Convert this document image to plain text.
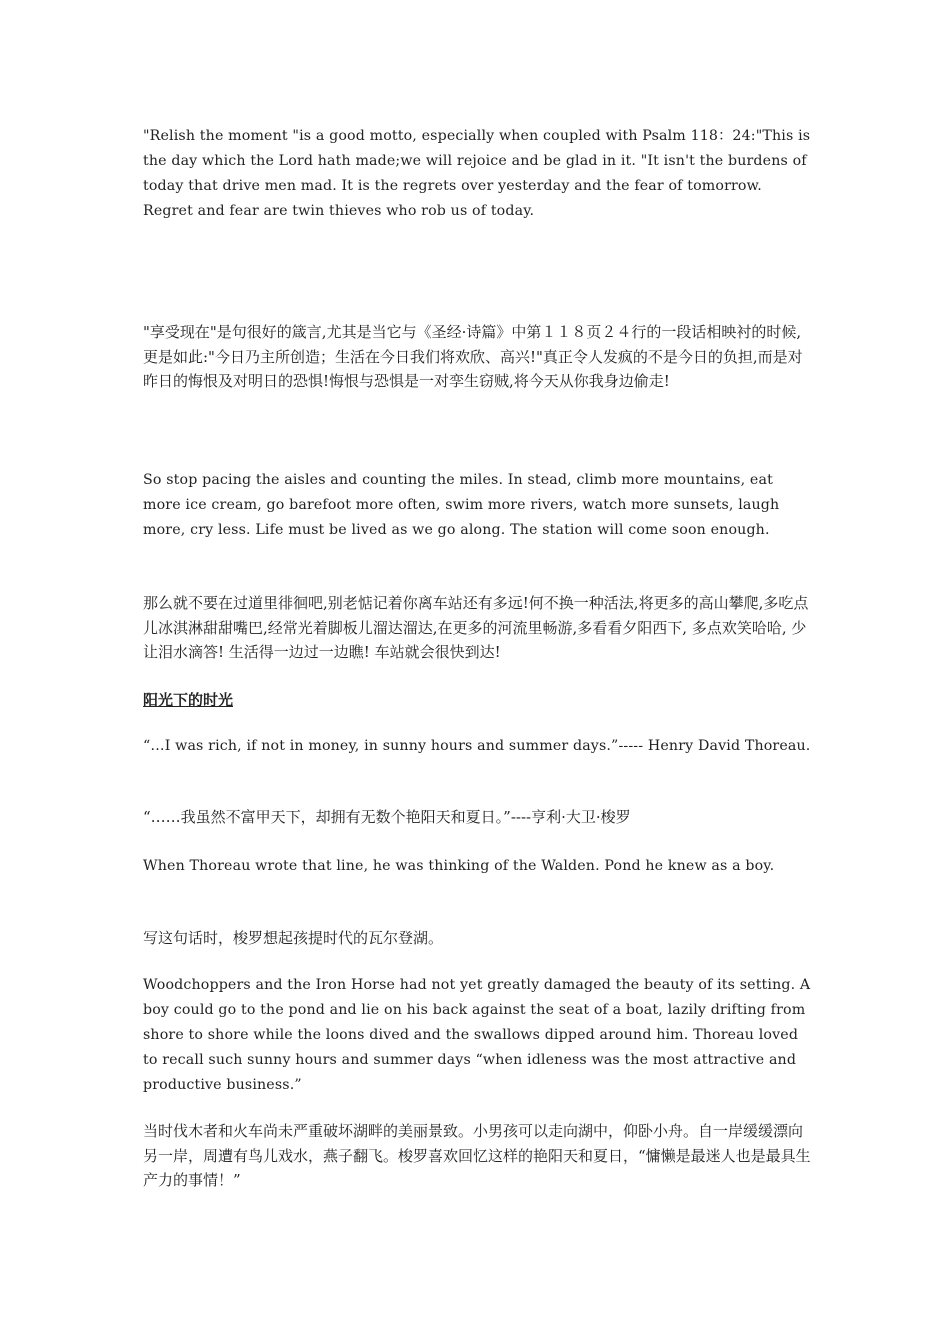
"Relish the moment "is a good motto, especially when coupled with Psalm 118：24:"This is the day which the Lord hath made;we will rejoice and be glad in it. "It isn't the burdens of today that drive men mad. It is the regrets over yesterday and the fear of tomorrow. Regret and fear are twin thieves who rob us of today.

"享受现在"是句很好的箴言,尤其是当它与《圣经·诗篇》中第１１８页２４行的一段话相映衬的时候,更是如此:"今日乃主所创造；生活在今日我们将欢欣、高兴!"真正令人发疯的不是今日的负担,而是对昨日的悔恨及对明日的恐惧!悔恨与恐惧是一对孪生窃贼,将今天从你我身边偷走!

So stop pacing the aisles and counting the miles. In stead, climb more mountains, eat more ice cream, go barefoot more often, swim more rivers, watch more sunsets, laugh more, cry less. Life must be lived as we go along. The station will come soon enough.

那么就不要在过道里徘徊吧,别老惦记着你离车站还有多远!何不换一种活法,将更多的高山攀爬,多吃点儿冰淇淋甜甜嘴巴,经常光着脚板儿溜达溜达,在更多的河流里畅游,多看看夕阳西下, 多点欢笑哈哈, 少让泪水滴答! 生活得一边过一边瞧! 车站就会很快到达!

阳光下的时光

“…I was rich, if not in money, in sunny hours and summer days.”----- Henry David Thoreau.

“……我虽然不富甲天下，却拥有无数个艳阳天和夏日。”----亨利·大卫·梭罗

When Thoreau wrote that line, he was thinking of the Walden. Pond he knew as a boy.

写这句话时，梭罗想起孩提时代的瓦尔登湖。

Woodchoppers and the Iron Horse had not yet greatly damaged the beauty of its setting. A boy could go to the pond and lie on his back against the seat of a boat, lazily drifting from shore to shore while the loons dived and the swallows dipped around him. Thoreau loved to recall such sunny hours and summer days “when idleness was the most attractive and productive business.”

当时伐木者和火车尚未严重破坏湖畔的美丽景致。小男孩可以走向湖中，仰卧小舟。自一岸缓缓漂向另一岸，周遭有鸟儿戏水，燕子翻飞。梭罗喜欢回忆这样的艳阳天和夏日，“慵懒是最迷人也是最具生产力的事情！”
